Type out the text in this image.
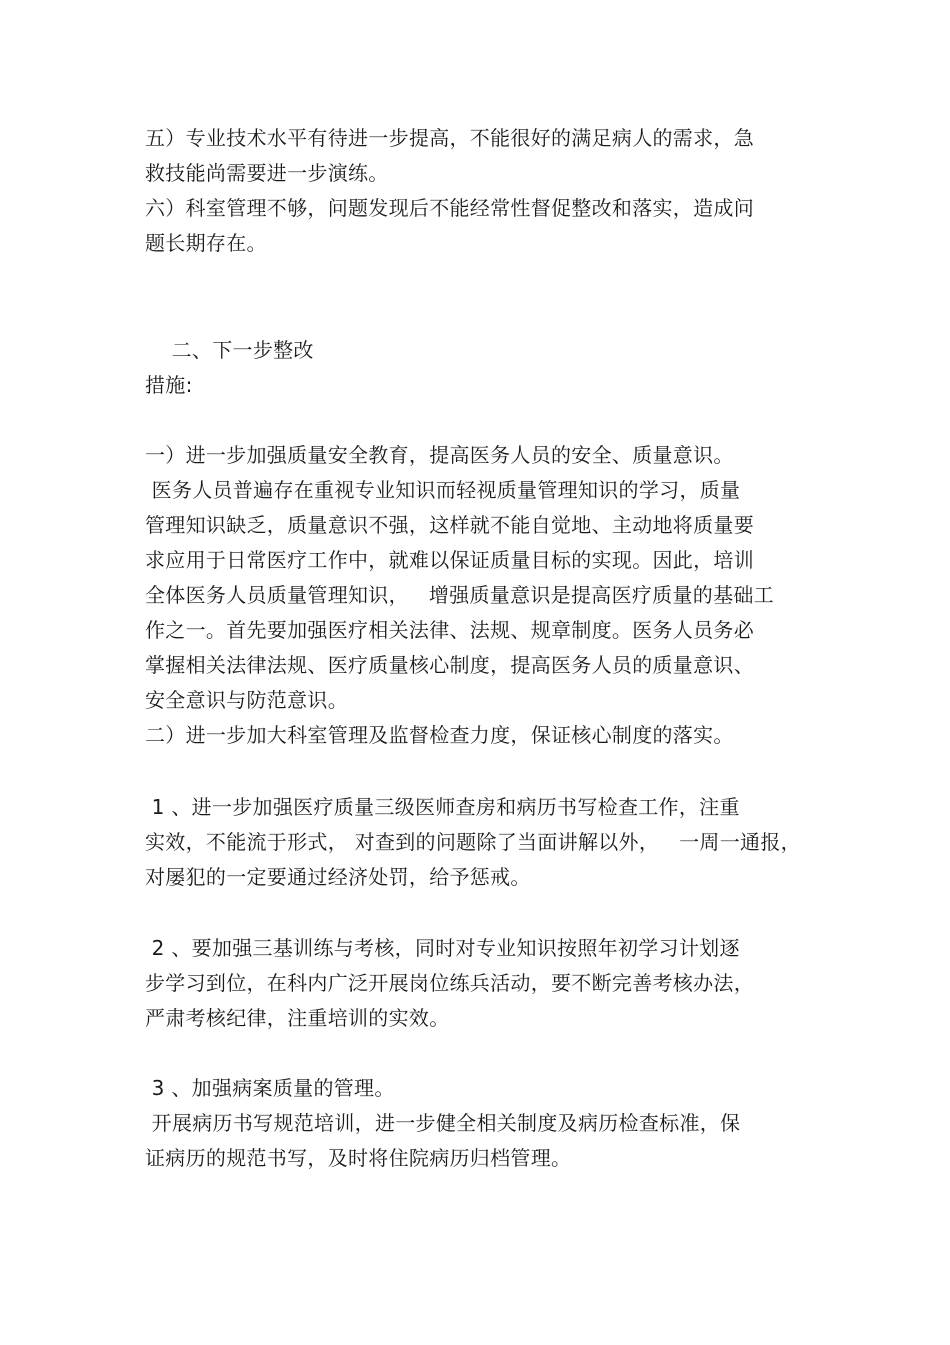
五）专业技术水平有待进一步提高，不能很好的满足病人的需求，急
救技能尚需要进一步演练。
六）科室管理不够，问题发现后不能经常性督促整改和落实，造成问
题长期存在。
二、下一步整改
措施:
一）进一步加强质量安全教育，提高医务人员的安全、质量意识。
医务人员普遍存在重视专业知识而轻视质量管理知识的学习，质量
管理知识缺乏，质量意识不强，这样就不能自觉地、主动地将质量要
求应用于日常医疗工作中，就难以保证质量目标的实现。因此，培训
全体医务人员质量管理知识，   增强质量意识是提高医疗质量的基础工
作之一。首先要加强医疗相关法律、法规、规章制度。医务人员务必
掌握相关法律法规、医疗质量核心制度，提高医务人员的质量意识、
安全意识与防范意识。
二）进一步加大科室管理及监督检查力度，保证核心制度的落实。
1 、进一步加强医疗质量三级医师查房和病历书写检查工作，注重
实效，不能流于形式， 对查到的问题除了当面讲解以外，   一周一通报，
对屡犯的一定要通过经济处罚，给予惩戒。
2 、要加强三基训练与考核，同时对专业知识按照年初学习计划逐
步学习到位，在科内广泛开展岗位练兵活动，要不断完善考核办法，
严肃考核纪律，注重培训的实效。
3 、加强病案质量的管理。
开展病历书写规范培训，进一步健全相关制度及病历检查标准，保
证病历的规范书写，及时将住院病历归档管理。
